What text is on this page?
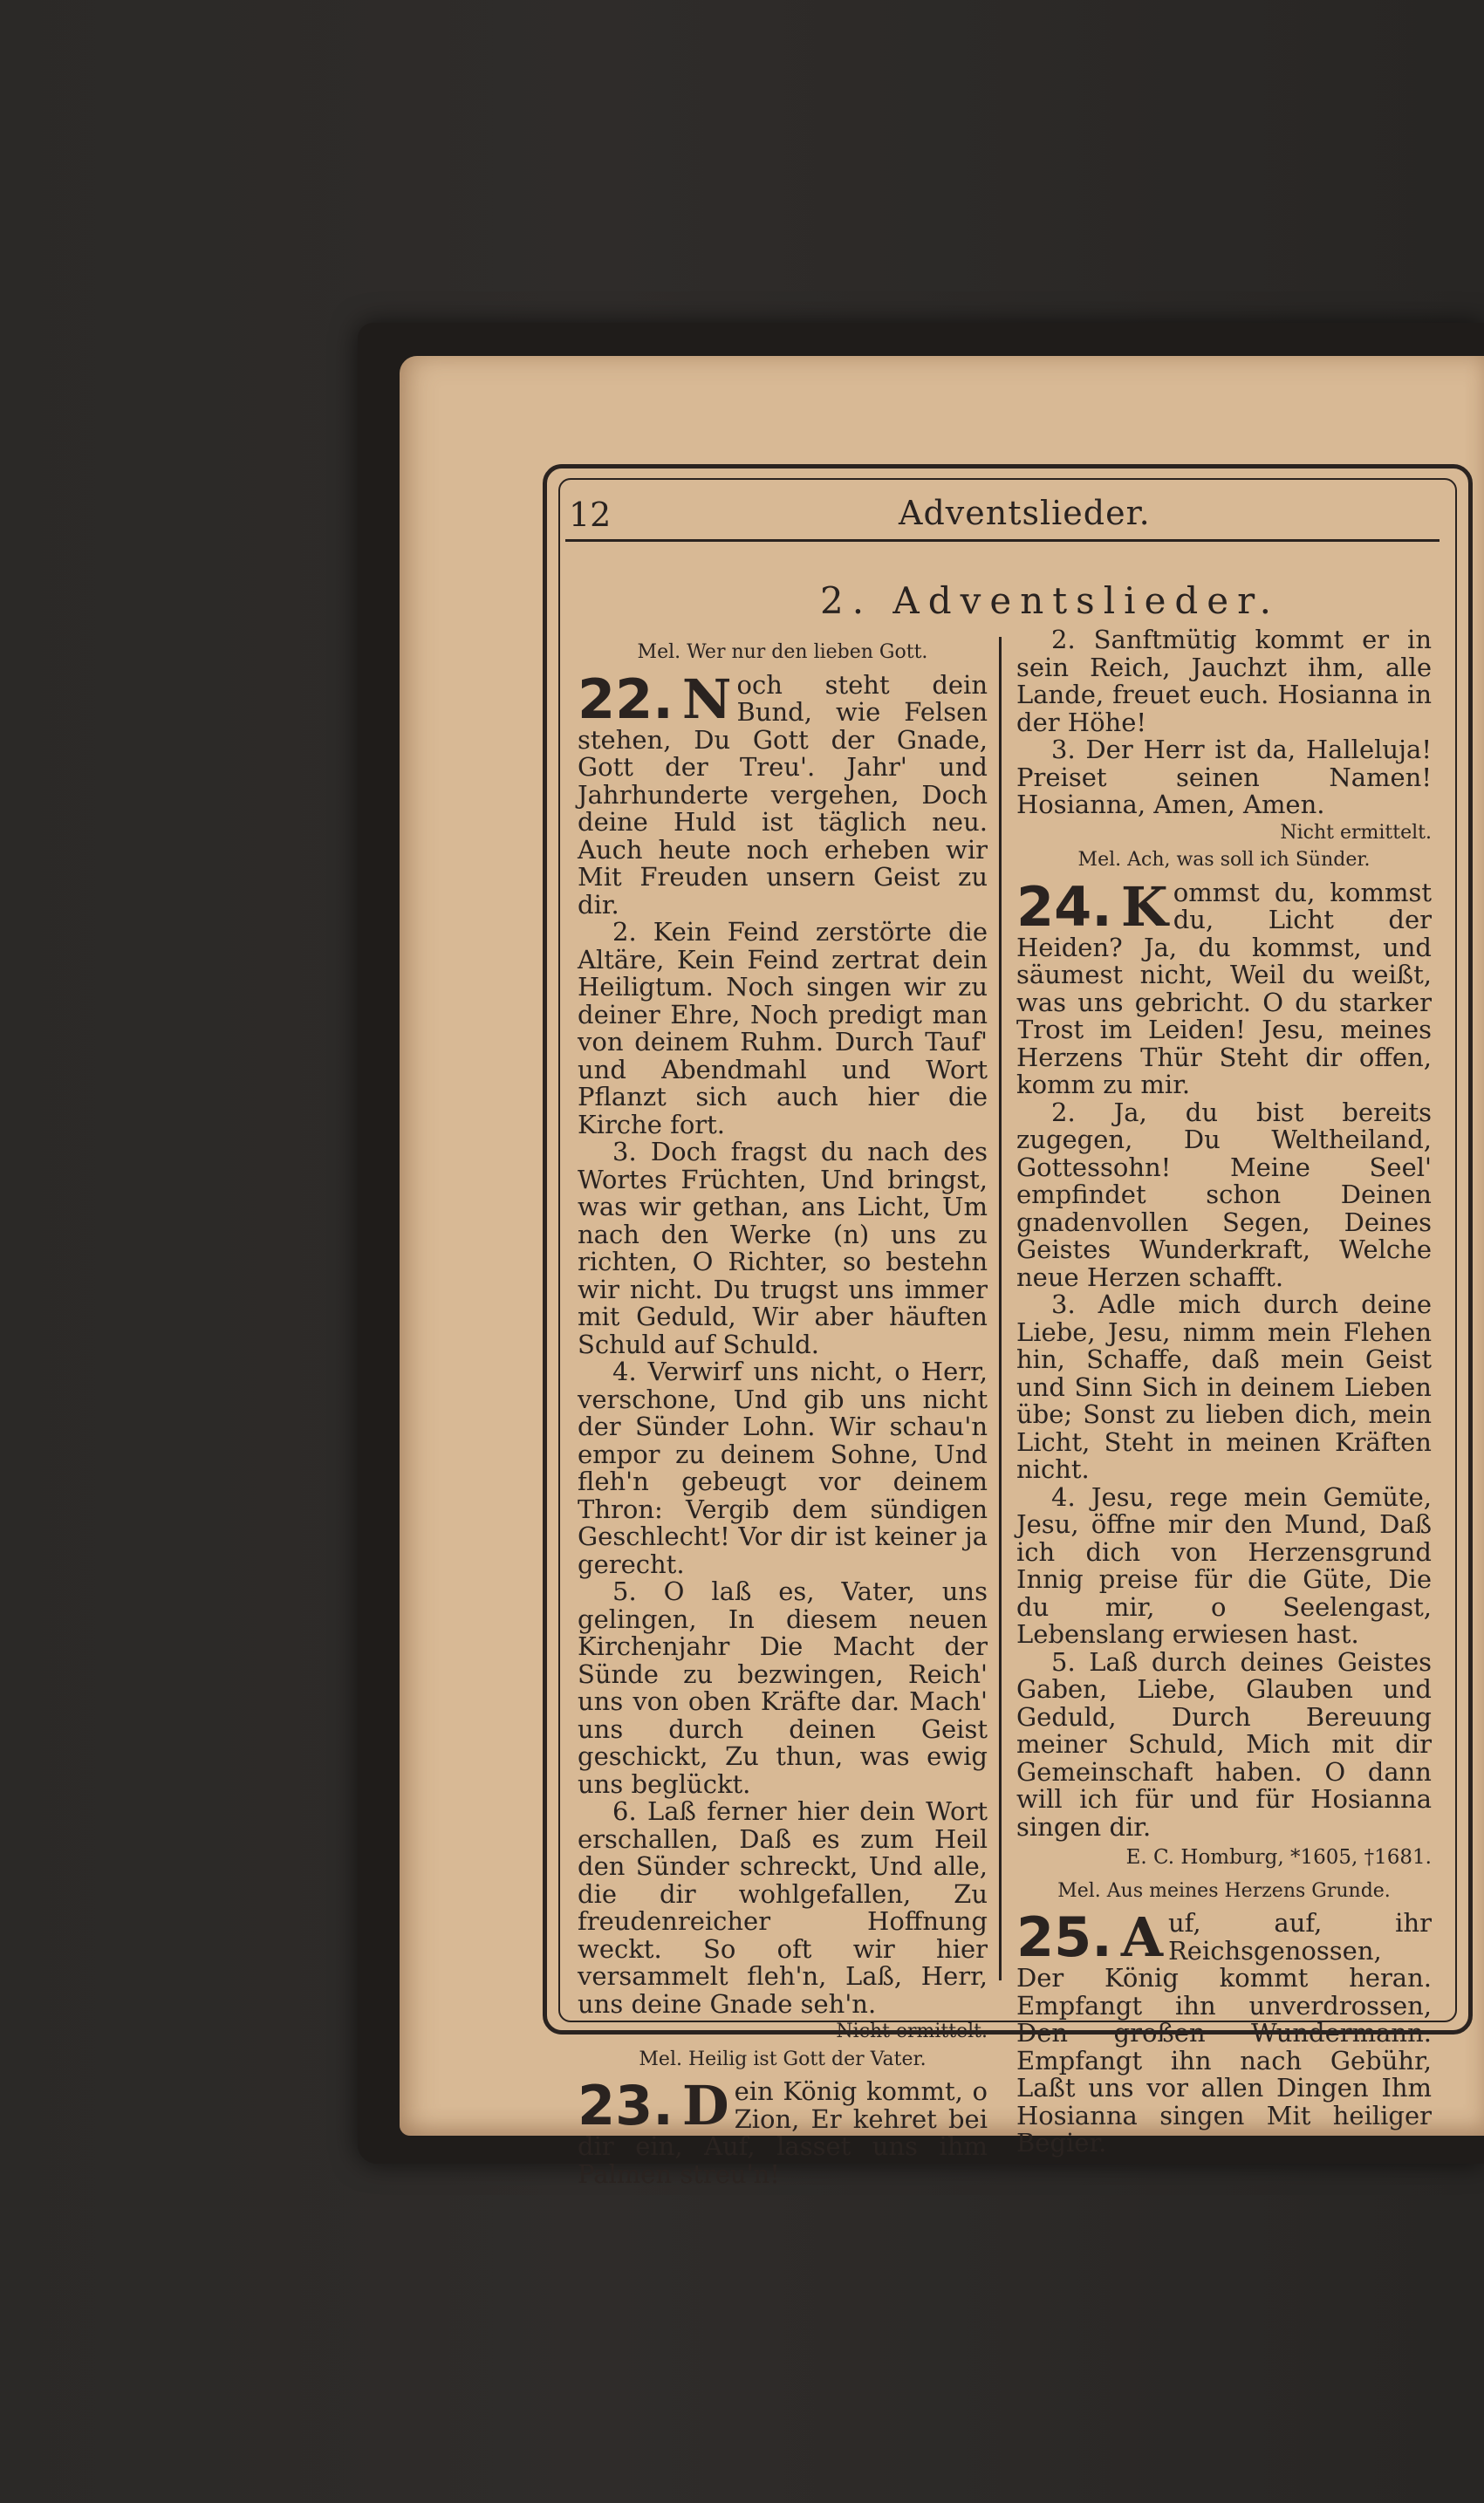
12	Adventslieder.
2. Adventslieder.

Mel. Wer nur den lieben Gott.

22. N och steht dein Bund, wie Felsen stehen, Du Gott der Gnade, Gott der Treu'. Jahr' und Jahrhunderte vergehen, Doch deine Huld ist täglich neu. Auch heute noch erheben wir Mit Freuden unsern Geist zu dir.

2. Kein Feind zerstörte die Altäre, Kein Feind zertrat dein Heiligtum. Noch singen wir zu deiner Ehre, Noch predigt man von deinem Ruhm. Durch Tauf' und Abendmahl und Wort Pflanzt sich auch hier die Kirche fort.

3. Doch fragst du nach des Wortes Früchten, Und bringst, was wir gethan, ans Licht, Um nach den Werke (n) uns zu richten, O Richter, so bestehn wir nicht. Du trugst uns immer mit Geduld, Wir aber häuften Schuld auf Schuld.

4. Verwirf uns nicht, o Herr, verschone, Und gib uns nicht der Sünder Lohn. Wir schau'n empor zu deinem Sohne, Und fleh'n gebeugt vor deinem Thron: Vergib dem sündigen Geschlecht! Vor dir ist keiner ja gerecht.

5. O laß es, Vater, uns gelingen, In diesem neuen Kirchenjahr Die Macht der Sünde zu bezwingen, Reich' uns von oben Kräfte dar. Mach' uns durch deinen Geist geschickt, Zu thun, was ewig uns beglückt.

6. Laß ferner hier dein Wort erschallen, Daß es zum Heil den Sünder schreckt, Und alle, die dir wohlgefallen, Zu freudenreicher Hoffnung weckt. So oft wir hier versammelt fleh'n, Laß, Herr, uns deine Gnade seh'n.
Nicht ermittelt.

Mel. Heilig ist Gott der Vater.

23. D ein König kommt, o Zion, Er kehret bei dir ein, Auf, lasset uns ihm Palmen streu'n!

2. Sanftmütig kommt er in sein Reich, Jauchzt ihm, alle Lande, freuet euch. Hosianna in der Höhe!

3. Der Herr ist da, Halleluja! Preiset seinen Namen! Hosianna, Amen, Amen.
Nicht ermittelt.

Mel. Ach, was soll ich Sünder.

24. K ommst du, kommst du, Licht der Heiden? Ja, du kommst, und säumest nicht, Weil du weißt, was uns gebricht. O du starker Trost im Leiden! Jesu, meines Herzens Thür Steht dir offen, komm zu mir.

2. Ja, du bist bereits zugegen, Du Weltheiland, Gottessohn! Meine Seel' empfindet schon Deinen gnadenvollen Segen, Deines Geistes Wunderkraft, Welche neue Herzen schafft.

3. Adle mich durch deine Liebe, Jesu, nimm mein Flehen hin, Schaffe, daß mein Geist und Sinn Sich in deinem Lieben übe; Sonst zu lieben dich, mein Licht, Steht in meinen Kräften nicht.

4. Jesu, rege mein Gemüte, Jesu, öffne mir den Mund, Daß ich dich von Herzensgrund Innig preise für die Güte, Die du mir, o Seelengast, Lebenslang erwiesen hast.

5. Laß durch deines Geistes Gaben, Liebe, Glauben und Geduld, Durch Bereuung meiner Schuld, Mich mit dir Gemeinschaft haben. O dann will ich für und für Hosianna singen dir.

E. C. Homburg, *1605, †1681.

Mel. Aus meines Herzens Grunde.

25. A uf, auf, ihr Reichsgenossen, Der König kommt heran. Empfangt ihn unverdrossen, Den großen Wundermann. Empfangt ihn nach Gebühr, Laßt uns vor allen Dingen Ihm Hosianna singen Mit heiliger Begier.
